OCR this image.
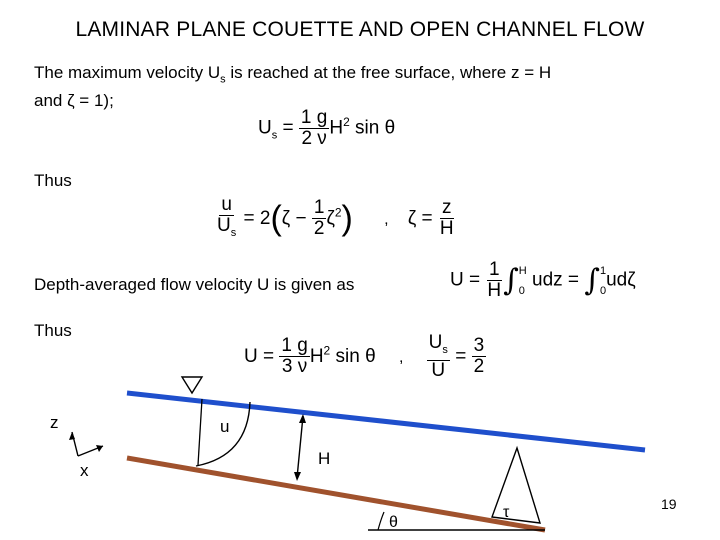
LAMINAR PLANE COUETTE AND OPEN CHANNEL FLOW
The maximum velocity $U_s$ is reached at the free surface, where z = H
and ζ = 1);
$U_s = \frac{1 g}{2 \nu} H^2$ sin θ
Thus
$\frac{u}{U_s} = 2(\zeta - \frac{1}{2} \zeta^2)$ , $\zeta = \frac{z}{H}$
Depth-averaged flow velocity U is given as	$U = \frac{1}{H}$ ∫ H
0 udz = ∫ 1
0 udζ
Thus
$U = \frac{1 g}{3 \nu} H^2$ sin θ , $\frac{U_s}{U} = \frac{3}{2}$
z
x
u
H
τ
θ
19
